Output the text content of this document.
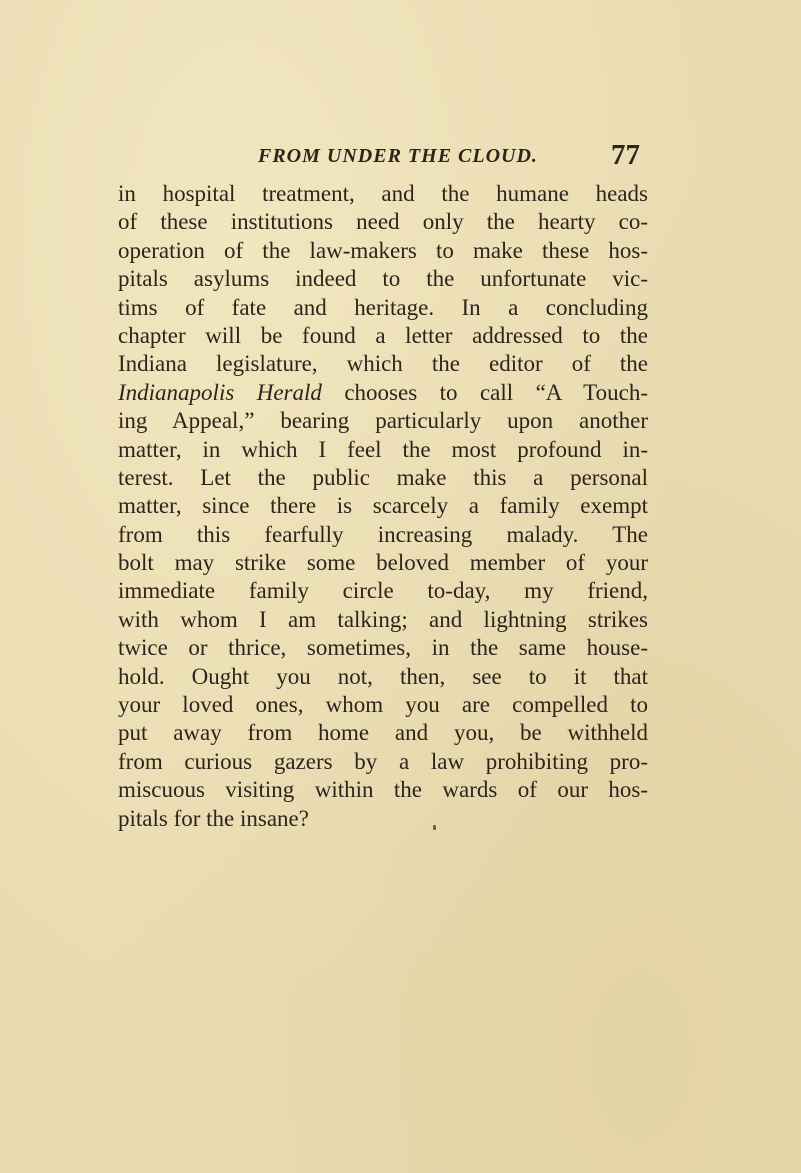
FROM UNDER THE CLOUD.	77
in hospital treatment, and the humane heads
of these institutions need only the hearty co-
operation of the law-makers to make these hos-
pitals asylums indeed to the unfortunate vic-
tims of fate and heritage. In a concluding
chapter will be found a letter addressed to the
Indiana legislature, which the editor of the
Indianapolis Herald chooses to call “A Touch-
ing Appeal,” bearing particularly upon another
matter, in which I feel the most profound in-
terest. Let the public make this a personal
matter, since there is scarcely a family exempt
from this fearfully increasing malady. The
bolt may strike some beloved member of your
immediate family circle to-day, my friend,
with whom I am talking; and lightning strikes
twice or thrice, sometimes, in the same house-
hold. Ought you not, then, see to it that
your loved ones, whom you are compelled to
put away from home and you, be withheld
from curious gazers by a law prohibiting pro-
miscuous visiting within the wards of our hos-
pitals for the insane?
